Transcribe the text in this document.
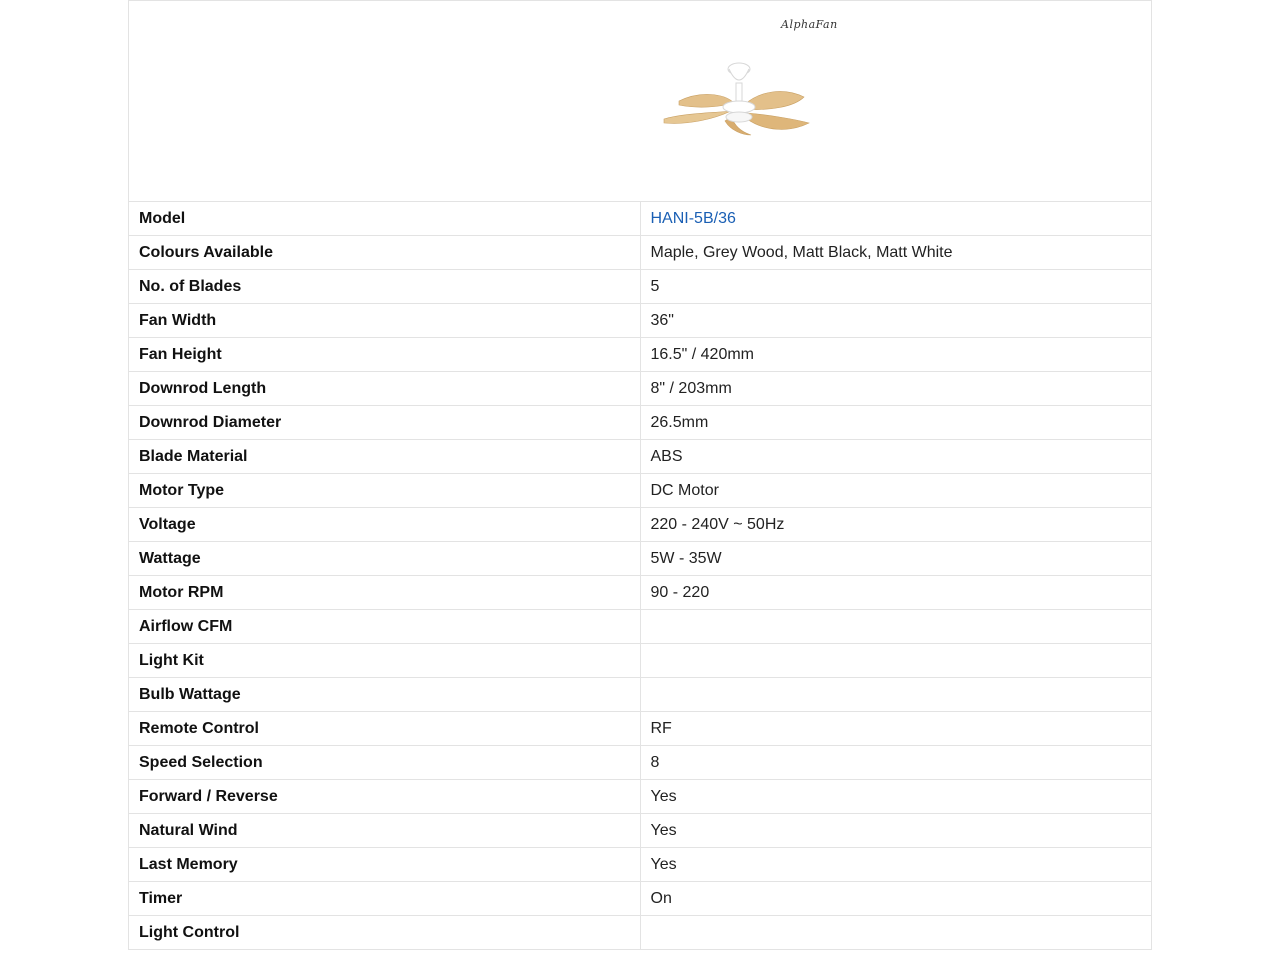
AlphaFan	

Model	HANI-5B/36
Colours Available	Maple, Grey Wood, Matt Black, Matt White
No. of Blades	5
Fan Width	36"
Fan Height	16.5" / 420mm
Downrod Length	8" / 203mm
Downrod Diameter	26.5mm
Blade Material	ABS
Motor Type	DC Motor
Voltage	220 - 240V ~ 50Hz
Wattage	5W - 35W
Motor RPM	90 - 220
Airflow CFM	
Light Kit	
Bulb Wattage	
Remote Control	RF
Speed Selection	8
Forward / Reverse	Yes
Natural Wind	Yes
Last Memory	Yes
Timer	On
Light Control	
